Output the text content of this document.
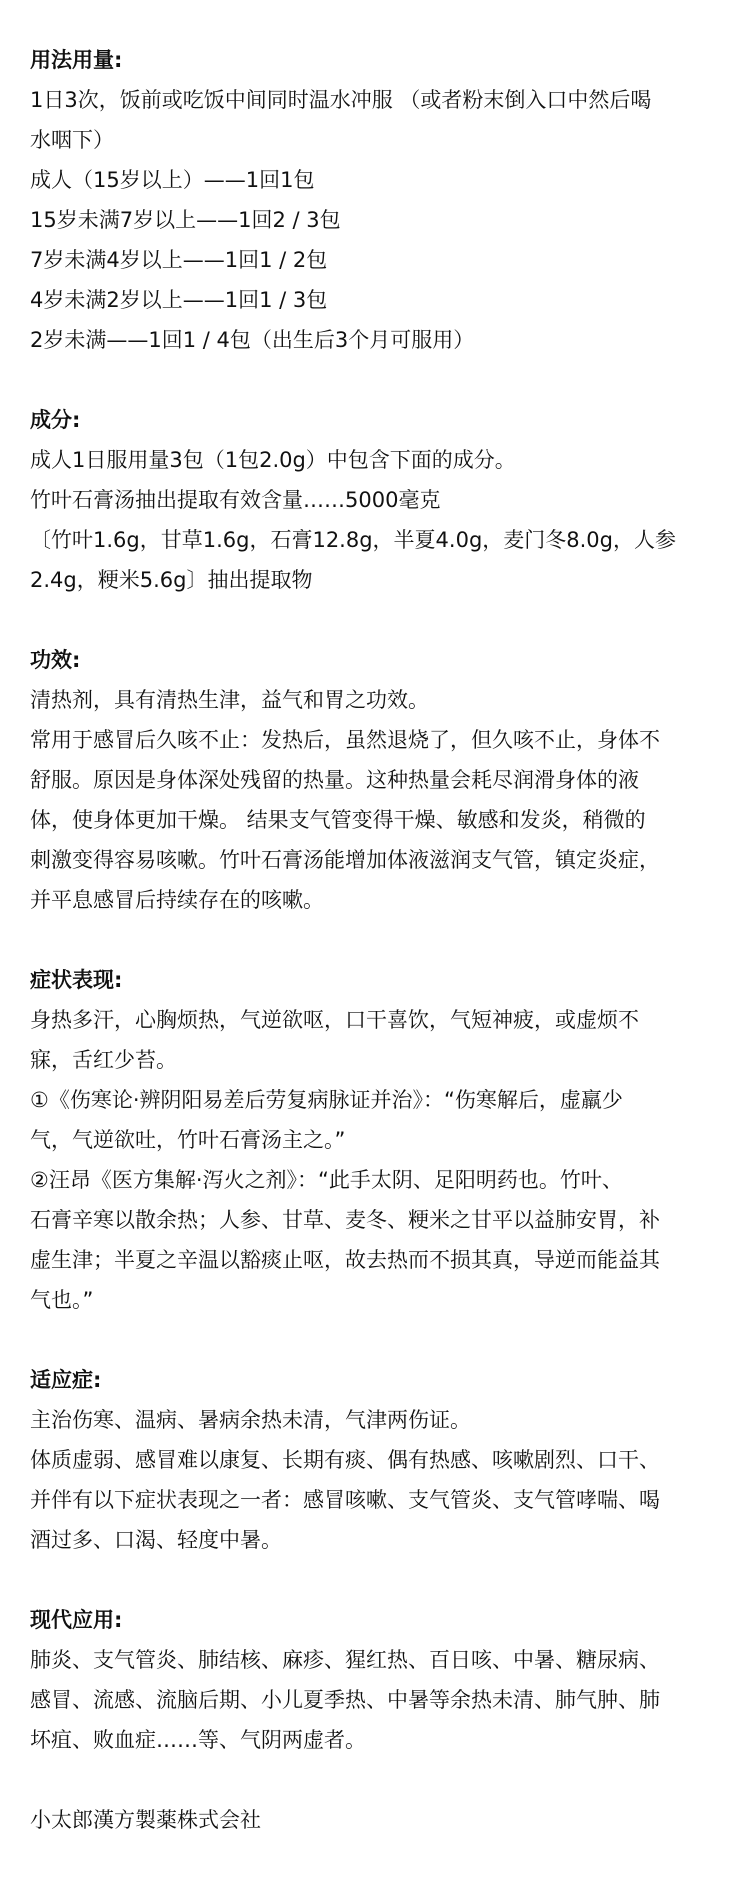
用法用量:
1日3次，饭前或吃饭中间同时温水冲服 （或者粉末倒入口中然后喝
水咽下）
成人（15岁以上）——1回1包
15岁未满7岁以上——1回2 / 3包
7岁未满4岁以上——1回1 / 2包
4岁未满2岁以上——1回1 / 3包
2岁未满——1回1 / 4包（出生后3个月可服用）
成分:
成人1日服用量3包（1包2.0g）中包含下面的成分。
竹叶石膏汤抽出提取有效含量……5000毫克
〔竹叶1.6g，甘草1.6g，石膏12.8g，半夏4.0g，麦门冬8.0g，人参
2.4g，粳米5.6g〕抽出提取物
功效:
清热剂，具有清热生津，益气和胃之功效。
常用于感冒后久咳不止：发热后，虽然退烧了，但久咳不止，身体不
舒服。原因是身体深处残留的热量。这种热量会耗尽润滑身体的液
体，使身体更加干燥。 结果支气管变得干燥、敏感和发炎，稍微的
刺激变得容易咳嗽。竹叶石膏汤能增加体液滋润支气管，镇定炎症，
并平息感冒后持续存在的咳嗽。
症状表现:
身热多汗，心胸烦热，气逆欲呕，口干喜饮，气短神疲，或虚烦不
寐，舌红少苔。
①《伤寒论·辨阴阳易差后劳复病脉证并治》：“伤寒解后，虚羸少
气，气逆欲吐，竹叶石膏汤主之。”
②汪昂《医方集解·泻火之剂》：“此手太阴、足阳明药也。竹叶、
石膏辛寒以散余热；人参、甘草、麦冬、粳米之甘平以益肺安胃，补
虚生津；半夏之辛温以豁痰止呕，故去热而不损其真，导逆而能益其
气也。”
适应症:
主治伤寒、温病、暑病余热未清，气津两伤证。
体质虚弱、感冒难以康复、长期有痰、偶有热感、咳嗽剧烈、口干、
并伴有以下症状表现之一者：感冒咳嗽、支气管炎、支气管哮喘、喝
酒过多、口渴、轻度中暑。
现代应用:
肺炎、支气管炎、肺结核、麻疹、猩红热、百日咳、中暑、糖尿病、
感冒、流感、流脑后期、小儿夏季热、中暑等余热未清、肺气肿、肺
坏疽、败血症……等、气阴两虚者。
小太郎漢方製薬株式会社
